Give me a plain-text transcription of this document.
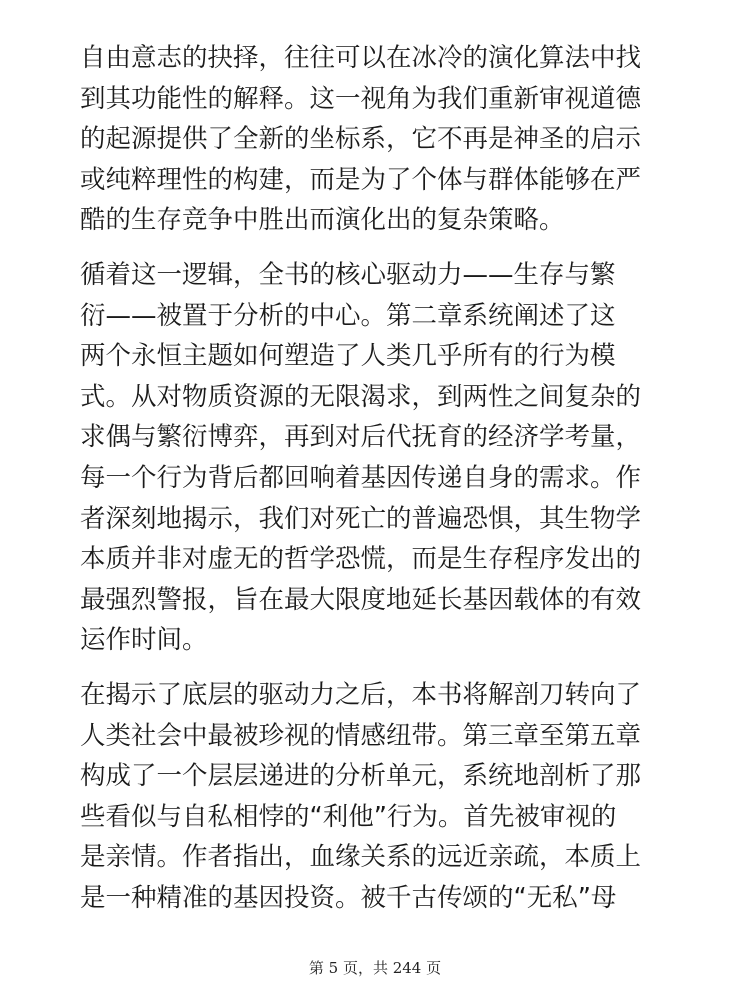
自由意志的抉择，往往可以在冰冷的演化算法中找
到其功能性的解释。这一视角为我们重新审视道德
的起源提供了全新的坐标系，它不再是神圣的启示
或纯粹理性的构建，而是为了个体与群体能够在严
酷的生存竞争中胜出而演化出的复杂策略。
循着这一逻辑，全书的核心驱动力——生存与繁
衍——被置于分析的中心。第二章系统阐述了这
两个永恒主题如何塑造了人类几乎所有的行为模
式。从对物质资源的无限渴求，到两性之间复杂的
求偶与繁衍博弈，再到对后代抚育的经济学考量，
每一个行为背后都回响着基因传递自身的需求。作
者深刻地揭示，我们对死亡的普遍恐惧，其生物学
本质并非对虚无的哲学恐慌，而是生存程序发出的
最强烈警报，旨在最大限度地延长基因载体的有效
运作时间。
在揭示了底层的驱动力之后，本书将解剖刀转向了
人类社会中最被珍视的情感纽带。第三章至第五章
构成了一个层层递进的分析单元，系统地剖析了那
些看似与自私相悖的“利他”行为。首先被审视的
是亲情。作者指出，血缘关系的远近亲疏，本质上
是一种精准的基因投资。被千古传颂的“无私”母
第 5 页，共 244 页
